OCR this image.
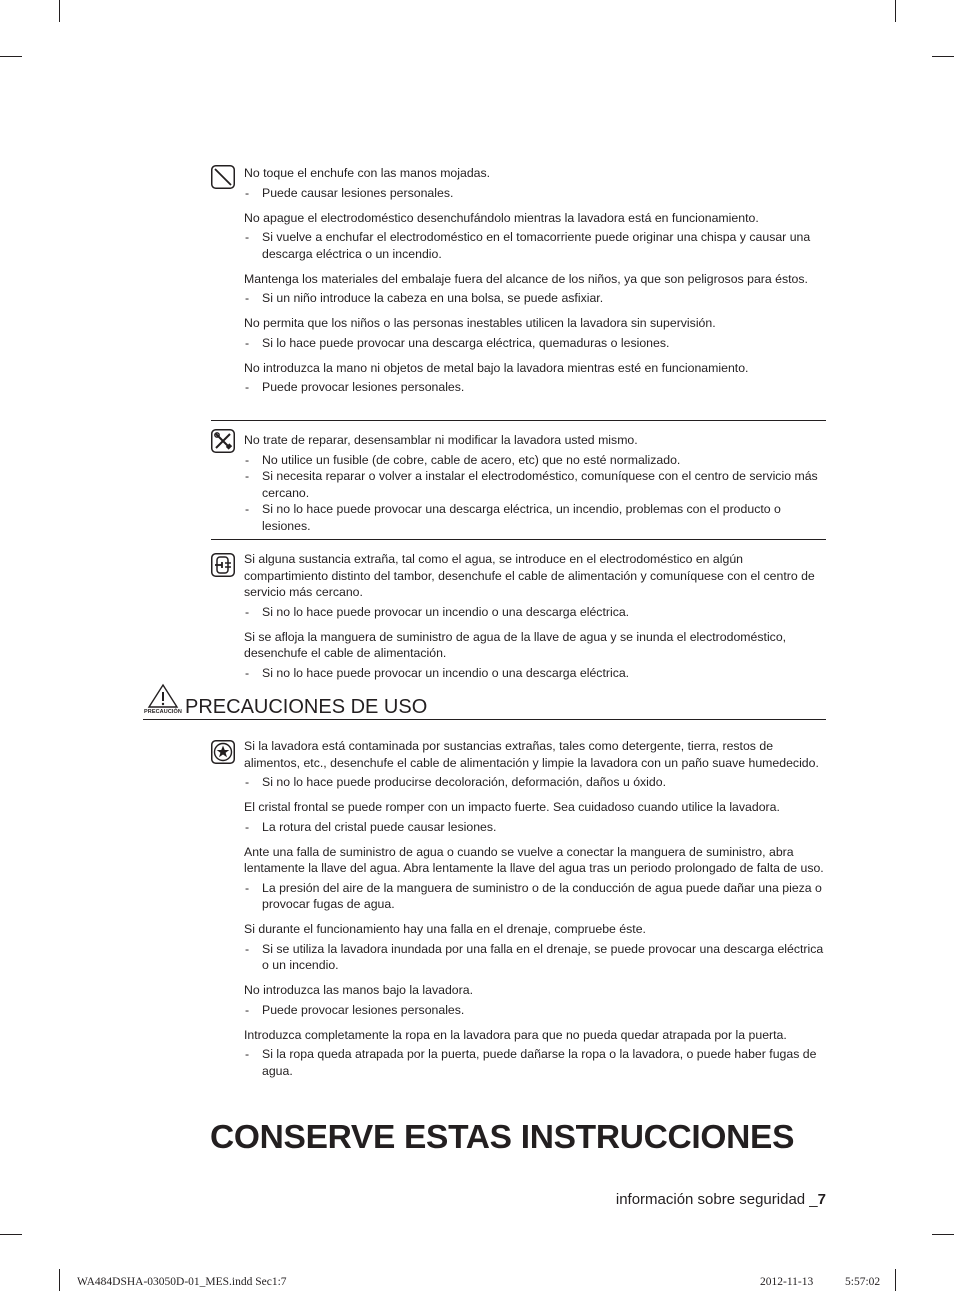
No toque el enchufe con las manos mojadas.
- Puede causar lesiones personales.
No apague el electrodoméstico desenchufándolo mientras la lavadora está en funcionamiento.
- Si vuelve a enchufar el electrodoméstico en el tomacorriente puede originar una chispa y causar una descarga eléctrica o un incendio.
Mantenga los materiales del embalaje fuera del alcance de los niños, ya que son peligrosos para éstos.
- Si un niño introduce la cabeza en una bolsa, se puede asfixiar.
No permita que los niños o las personas inestables utilicen la lavadora sin supervisión.
- Si lo hace puede provocar una descarga eléctrica, quemaduras o lesiones.
No introduzca la mano ni objetos de metal bajo la lavadora mientras esté en funcionamiento.
- Puede provocar lesiones personales.
No trate de reparar, desensamblar ni modificar la lavadora usted mismo.
- No utilice un fusible (de cobre, cable de acero, etc) que no esté normalizado.
- Si necesita reparar o volver a instalar el electrodoméstico, comuníquese con el centro de servicio más cercano.
- Si no lo hace puede provocar una descarga eléctrica, un incendio, problemas con el producto o lesiones.
Si alguna sustancia extraña, tal como el agua, se introduce en el electrodoméstico en algún compartimiento distinto del tambor, desenchufe el cable de alimentación y comuníquese con el centro de servicio más cercano.
- Si no lo hace puede provocar un incendio o una descarga eléctrica.
Si se afloja la manguera de suministro de agua de la llave de agua y se inunda el electrodoméstico, desenchufe el cable de alimentación.
- Si no lo hace puede provocar un incendio o una descarga eléctrica.
PRECAUCIÓN PRECAUCIONES DE USO
Si la lavadora está contaminada por sustancias extrañas, tales como detergente, tierra, restos de alimentos, etc., desenchufe el cable de alimentación y limpie la lavadora con un paño suave humedecido.
- Si no lo hace puede producirse decoloración, deformación, daños u óxido.
El cristal frontal se puede romper con un impacto fuerte. Sea cuidadoso cuando utilice la lavadora.
- La rotura del cristal puede causar lesiones.
Ante una falla de suministro de agua o cuando se vuelve a conectar la manguera de suministro, abra lentamente la llave del agua. Abra lentamente la llave del agua tras un periodo prolongado de falta de uso.
- La presión del aire de la manguera de suministro o de la conducción de agua puede dañar una pieza o provocar fugas de agua.
Si durante el funcionamiento hay una falla en el drenaje, compruebe éste.
- Si se utiliza la lavadora inundada por una falla en el drenaje, se puede provocar una descarga eléctrica o un incendio.
No introduzca las manos bajo la lavadora.
- Puede provocar lesiones personales.
Introduzca completamente la ropa en la lavadora para que no pueda quedar atrapada por la puerta.
- Si la ropa queda atrapada por la puerta, puede dañarse la ropa o la lavadora, o puede haber fugas de agua.
CONSERVE ESTAS INSTRUCCIONES
información sobre seguridad _7
WA484DSHA-03050D-01_MES.indd Sec1:7	2012-11-13	5:57:02
